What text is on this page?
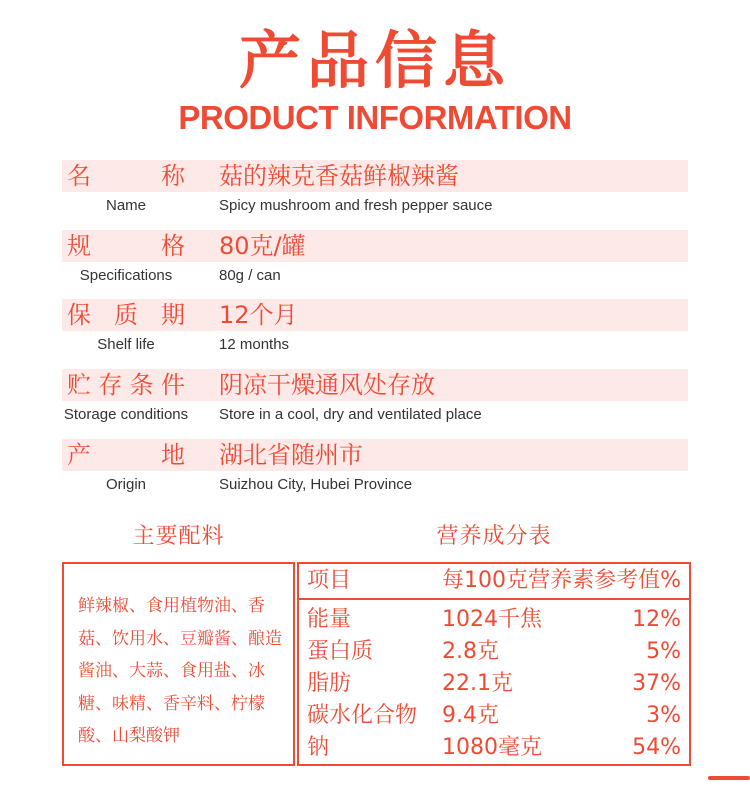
产品信息
PRODUCT INFORMATION
名称 菇的辣克香菇鲜椒辣酱
Name	Spicy mushroom and fresh pepper sauce
规格 80克/罐
Specifications	80g / can
保质期 12个月
Shelf life	12 months
贮存条件 阴凉干燥通风处存放
Storage conditions Store in a cool, dry and ventilated place
产地 湖北省随州市
Origin	Suizhou City, Hubei Province
主要配料	营养成分表
鲜辣椒、食用植物油、香菇、饮用水、豆瓣酱、酿造酱油、大蒜、食用盐、冰糖、味精、香辛料、柠檬酸、山梨酸钾
项目	每100克 营养素参考值%
能量	1024千焦	12%
蛋白质	2.8克	5%
脂肪	22.1克	37%
碳水化合物 9.4克	3%
钠	1080毫克	54%
